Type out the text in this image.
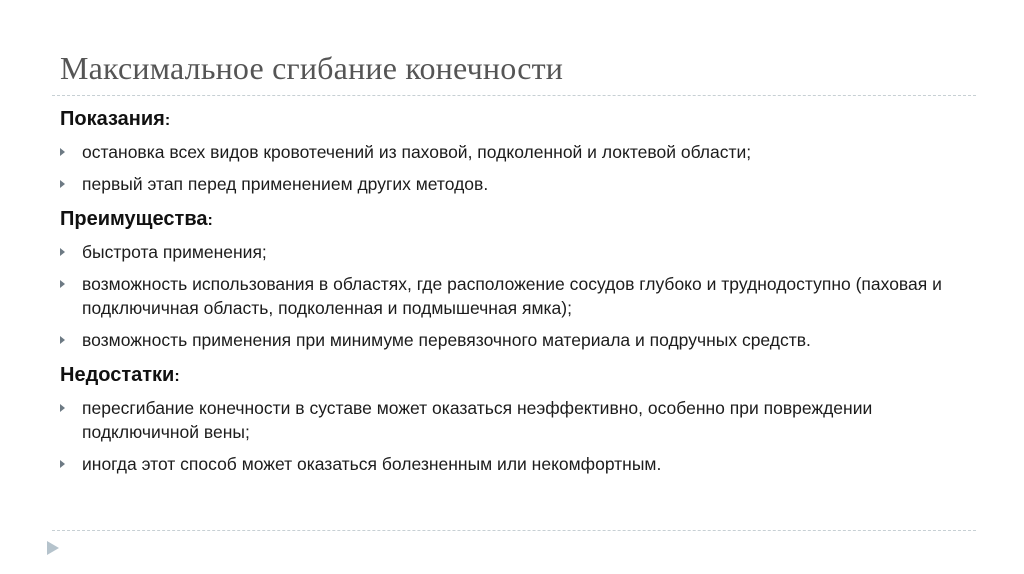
Максимальное сгибание конечности
Показания:
остановка всех видов кровотечений из паховой, подколенной и локтевой области;
первый этап перед применением других методов.
Преимущества:
быстрота применения;
возможность использования в областях, где расположение сосудов глубоко и труднодоступно (паховая и подключичная область, подколенная и подмышечная ямка);
возможность применения при минимуме перевязочного материала и подручных средств.
Недостатки:
пересгибание конечности в суставе может оказаться неэффективно, особенно при повреждении подключичной вены;
иногда этот способ может оказаться болезненным или некомфортным.
